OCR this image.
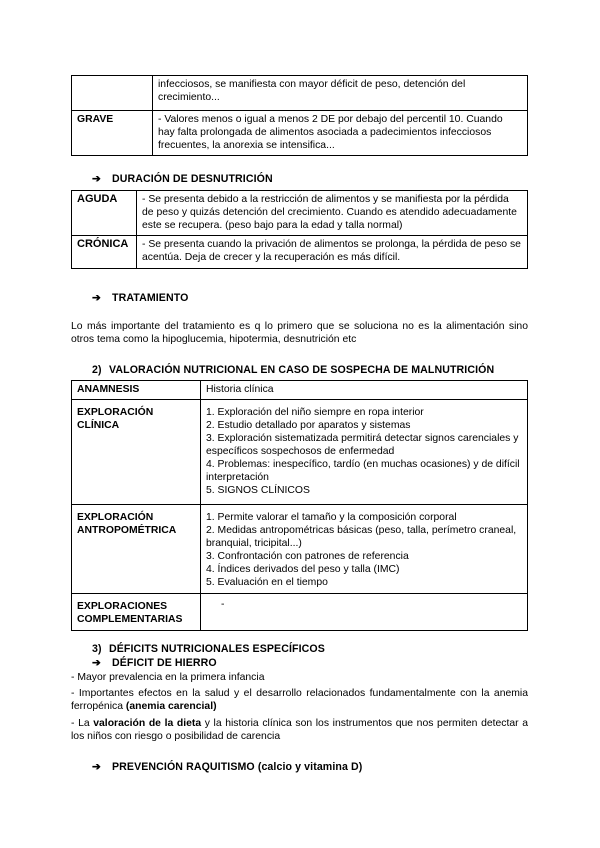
	infecciosos, se manifiesta con mayor déficit de peso, detención del crecimiento...
GRAVE	- Valores menos o igual a menos 2 DE por debajo del percentil 10. Cuando hay falta prolongada de alimentos asociada a padecimientos infecciosos frecuentes, la anorexia se intensifica...
➔ DURACIÓN DE DESNUTRICIÓN
AGUDA	- Se presenta debido a la restricción de alimentos y se manifiesta por la pérdida de peso y quizás detención del crecimiento. Cuando es atendido adecuadamente este se recupera. (peso bajo para la edad y talla normal)
CRÓNICA	- Se presenta cuando la privación de alimentos se prolonga, la pérdida de peso se acentúa. Deja de crecer y la recuperación es más difícil.
➔ TRATAMIENTO
Lo más importante del tratamiento es q lo primero que se soluciona no es la alimentación sino otros tema como la hipoglucemia, hipotermia, desnutrición etc
2) VALORACIÓN NUTRICIONAL EN CASO DE SOSPECHA DE MALNUTRICIÓN
ANAMNESIS	Historia clínica
EXPLORACIÓN CLÍNICA	1. Exploración del niño siempre en ropa interior
2. Estudio detallado por aparatos y sistemas
3. Exploración sistematizada permitirá detectar signos carenciales y específicos sospechosos de enfermedad
4. Problemas: inespecífico, tardío (en muchas ocasiones) y de difícil interpretación
5. SIGNOS CLÍNICOS

EXPLORACIÓN ANTROPOMÉTRICA	1. Permite valorar el tamaño y la composición corporal
2. Medidas antropométricas básicas (peso, talla, perímetro craneal, branquial, tricipital...)
3. Confrontación con patrones de referencia
4. Índices derivados del peso y talla (IMC)
5. Evaluación en el tiempo

EXPLORACIONES COMPLEMENTARIAS	-
3) DÉFICITS NUTRICIONALES ESPECÍFICOS
➔ DÉFICIT DE HIERRO
- Mayor prevalencia en la primera infancia
- Importantes efectos en la salud y el desarrollo relacionados fundamentalmente con la anemia ferropénica (anemia carencial)
- La valoración de la dieta y la historia clínica son los instrumentos que nos permiten detectar a los niños con riesgo o posibilidad de carencia
➔ PREVENCIÓN RAQUITISMO (calcio y vitamina D)
